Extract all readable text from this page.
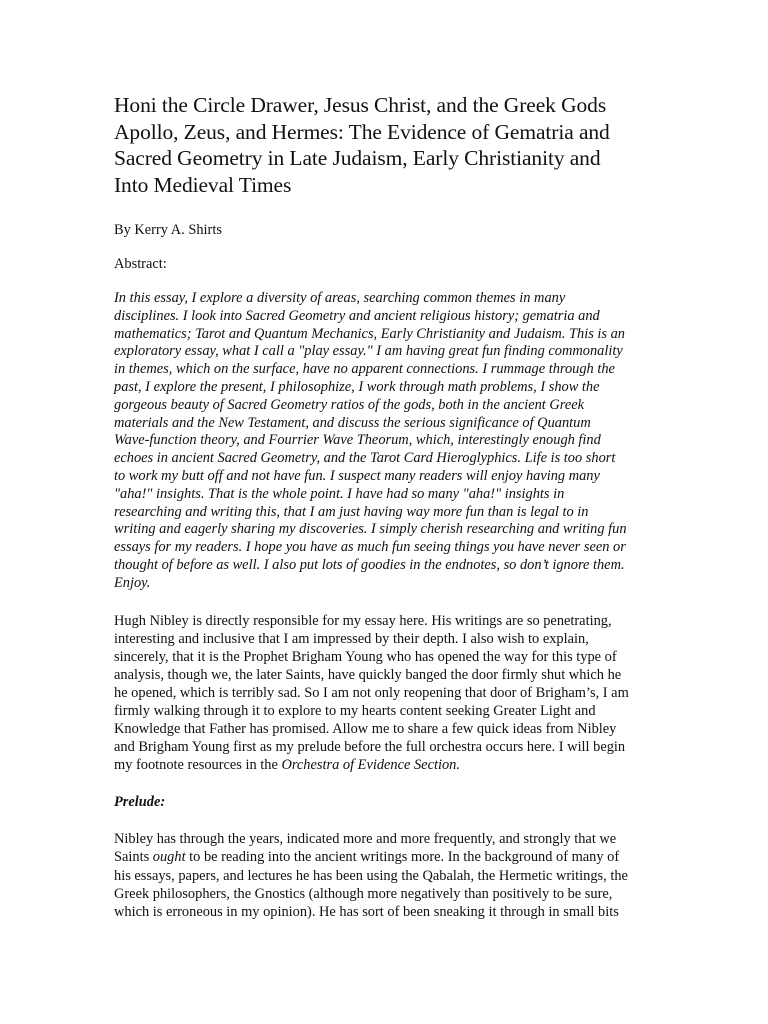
Honi the Circle Drawer, Jesus Christ, and the Greek Gods
Apollo, Zeus, and Hermes: The Evidence of Gematria and
Sacred Geometry in Late Judaism, Early Christianity and
Into Medieval Times

By Kerry A. Shirts

Abstract:

In this essay, I explore a diversity of areas, searching common themes in many
disciplines. I look into Sacred Geometry and ancient religious history; gematria and
mathematics; Tarot and Quantum Mechanics, Early Christianity and Judaism. This is an
exploratory essay, what I call a "play essay." I am having great fun finding commonality
in themes, which on the surface, have no apparent connections. I rummage through the
past, I explore the present, I philosophize, I work through math problems, I show the
gorgeous beauty of Sacred Geometry ratios of the gods, both in the ancient Greek
materials and the New Testament, and discuss the serious significance of Quantum
Wave-function theory, and Fourrier Wave Theorum, which, interestingly enough find
echoes in ancient Sacred Geometry, and the Tarot Card Hieroglyphics. Life is too short
to work my butt off and not have fun. I suspect many readers will enjoy having many
"aha!" insights. That is the whole point. I have had so many "aha!" insights in
researching and writing this, that I am just having way more fun than is legal to in
writing and eagerly sharing my discoveries. I simply cherish researching and writing fun
essays for my readers. I hope you have as much fun seeing things you have never seen or
thought of before as well. I also put lots of goodies in the endnotes, so don’t ignore them.
Enjoy.
Hugh Nibley is directly responsible for my essay here. His writings are so penetrating,
interesting and inclusive that I am impressed by their depth. I also wish to explain,
sincerely, that it is the Prophet Brigham Young who has opened the way for this type of
analysis, though we, the later Saints, have quickly banged the door firmly shut which he
he opened, which is terribly sad. So I am not only reopening that door of Brigham’s, I am
firmly walking through it to explore to my hearts content seeking Greater Light and
Knowledge that Father has promised. Allow me to share a few quick ideas from Nibley
and Brigham Young first as my prelude before the full orchestra occurs here. I will begin
my footnote resources in the Orchestra of Evidence Section.

Prelude:

Nibley has through the years, indicated more and more frequently, and strongly that we
Saints ought to be reading into the ancient writings more. In the background of many of
his essays, papers, and lectures he has been using the Qabalah, the Hermetic writings, the
Greek philosophers, the Gnostics (although more negatively than positively to be sure,
which is erroneous in my opinion). He has sort of been sneaking it through in small bits
